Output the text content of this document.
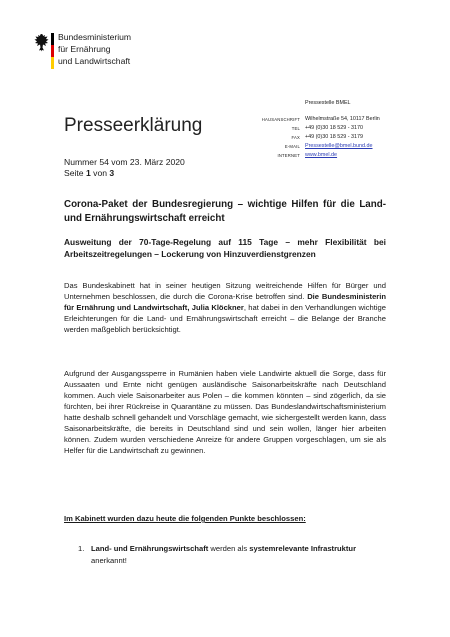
Bundesministerium
für Ernährung
und Landwirtschaft
Pressestelle BMEL
HAUSANSCHRIFT Wilhelmstraße 54, 10117 Berlin
TEL +49 (0)30 18 529 - 3170
FAX +49 (0)30 18 529 - 3179
E-MAIL Pressestelle@bmel.bund.de
INTERNET www.bmel.de
Presseerklärung
Nummer 54 vom 23. März 2020
Seite 1 von 3
Corona-Paket der Bundesregierung – wichtige Hilfen für die Land- und Ernährungswirtschaft erreicht
Ausweitung der 70-Tage-Regelung auf 115 Tage – mehr Flexibilität bei Arbeitszeitregelungen – Lockerung von Hinzuverdienstgrenzen
Das Bundeskabinett hat in seiner heutigen Sitzung weitreichende Hilfen für Bürger und Unternehmen beschlossen, die durch die Corona-Krise betroffen sind. Die Bundesministerin für Ernährung und Landwirtschaft, Julia Klöckner, hat dabei in den Verhandlungen wichtige Erleichterungen für die Land- und Ernährungswirtschaft erreicht – die Belange der Branche werden maßgeblich berücksichtigt.
Aufgrund der Ausgangssperre in Rumänien haben viele Landwirte aktuell die Sorge, dass für Aussaaten und Ernte nicht genügen ausländische Saisonarbeitskräfte nach Deutschland kommen. Auch viele Saisonarbeiter aus Polen – die kommen könnten – sind zögerlich, da sie fürchten, bei ihrer Rückreise in Quarantäne zu müssen. Das Bundeslandwirtschaftsministerium hatte deshalb schnell gehandelt und Vorschläge gemacht, wie sichergestellt werden kann, dass Saisonarbeitskräfte, die bereits in Deutschland sind und sein wollen, länger hier arbeiten können. Zudem wurden verschiedene Anreize für andere Gruppen vorgeschlagen, um sie als Helfer für die Landwirtschaft zu gewinnen.
Im Kabinett wurden dazu heute die folgenden Punkte beschlossen:
1. Land- und Ernährungswirtschaft werden als systemrelevante Infrastruktur anerkannt!
